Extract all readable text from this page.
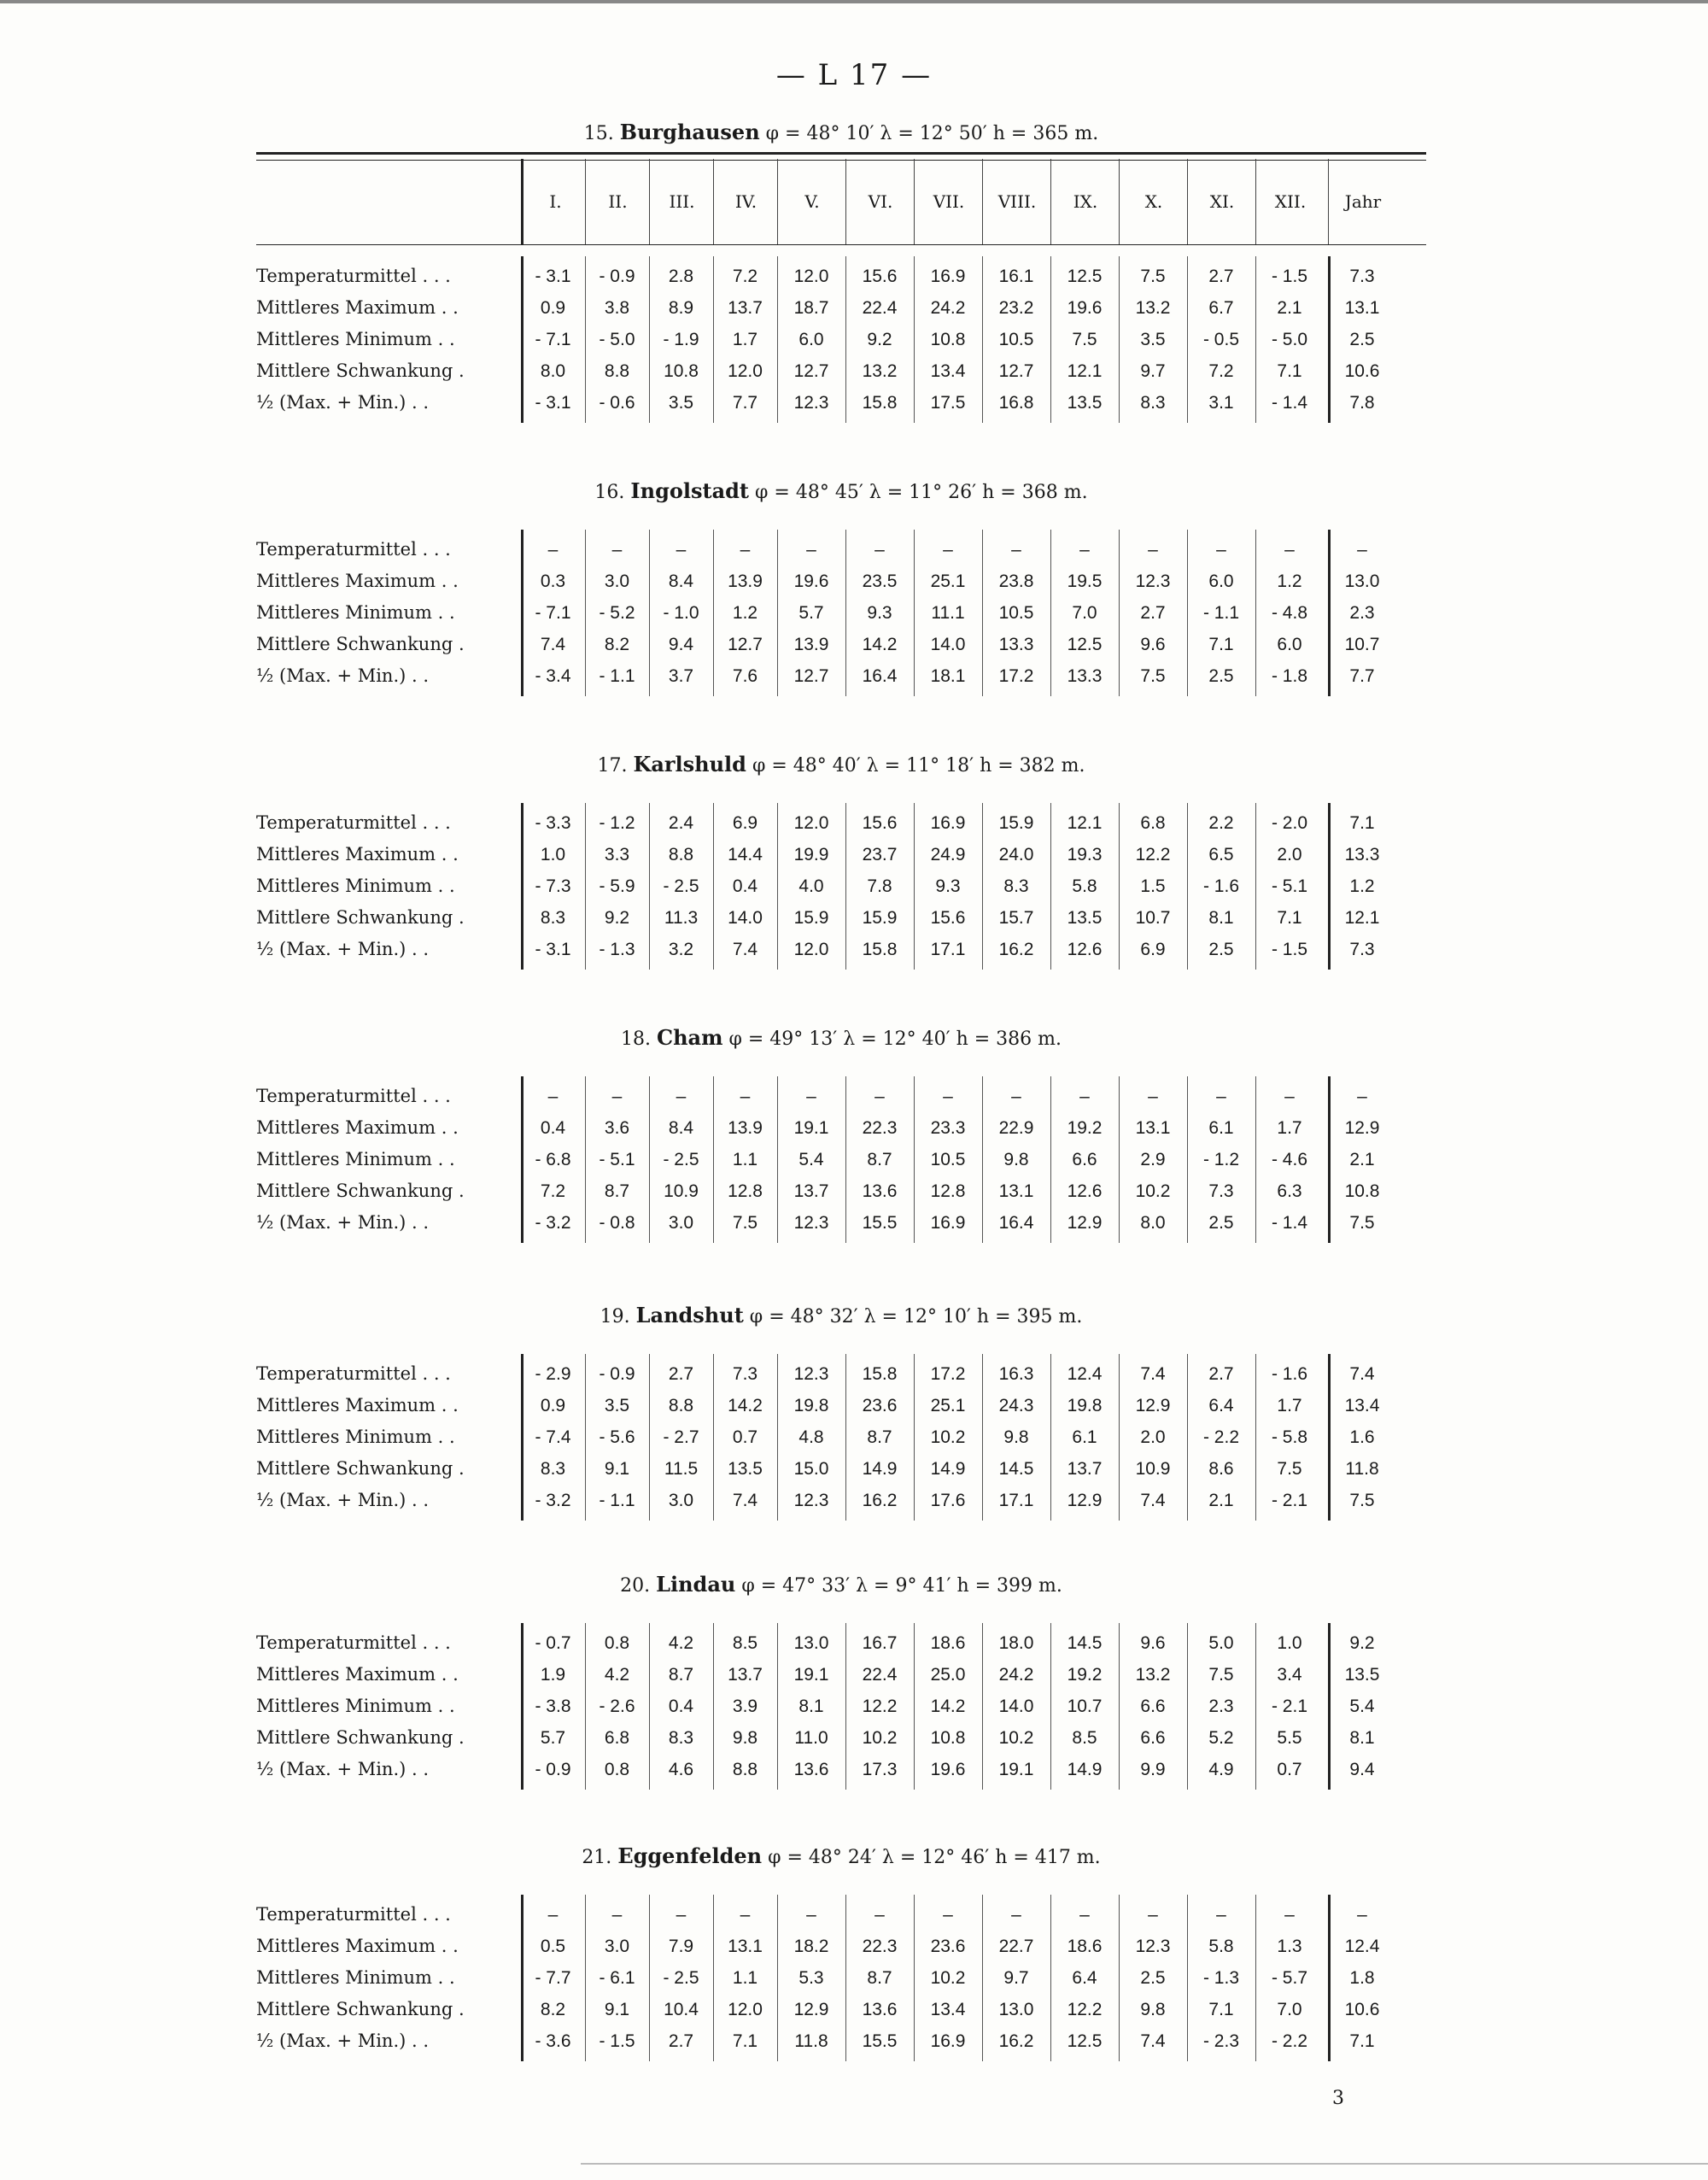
— L 17 —
15. Burghausen φ = 48° 10′ λ = 12° 50′ h = 365 m.
I.	II.	III.	IV.	V.	VI.	VII.	VIII.	IX.	X.	XI.	XII.	Jahr
Temperaturmittel . . .	- 3.1	- 0.9	2.8	7.2	12.0	15.6	16.9	16.1	12.5	7.5	2.7	- 1.5	7.3
Mittleres Maximum . .	0.9	3.8	8.9	13.7	18.7	22.4	24.2	23.2	19.6	13.2	6.7	2.1	13.1
Mittleres Minimum . .	- 7.1	- 5.0	- 1.9	1.7	6.0	9.2	10.8	10.5	7.5	3.5	- 0.5	- 5.0	2.5
Mittlere Schwankung .	8.0	8.8	10.8	12.0	12.7	13.2	13.4	12.7	12.1	9.7	7.2	7.1	10.6
½ (Max. + Min.) . .	- 3.1	- 0.6	3.5	7.7	12.3	15.8	17.5	16.8	13.5	8.3	3.1	- 1.4	7.8
16. Ingolstadt φ = 48° 45′ λ = 11° 26′ h = 368 m.
Temperaturmittel . . .	–	–	–	–	–	–	–	–	–	–	–	–	–
Mittleres Maximum . .	0.3	3.0	8.4	13.9	19.6	23.5	25.1	23.8	19.5	12.3	6.0	1.2	13.0
Mittleres Minimum . .	- 7.1	- 5.2	- 1.0	1.2	5.7	9.3	11.1	10.5	7.0	2.7	- 1.1	- 4.8	2.3
Mittlere Schwankung .	7.4	8.2	9.4	12.7	13.9	14.2	14.0	13.3	12.5	9.6	7.1	6.0	10.7
½ (Max. + Min.) . .	- 3.4	- 1.1	3.7	7.6	12.7	16.4	18.1	17.2	13.3	7.5	2.5	- 1.8	7.7
17. Karlshuld φ = 48° 40′ λ = 11° 18′ h = 382 m.
Temperaturmittel . . .	- 3.3	- 1.2	2.4	6.9	12.0	15.6	16.9	15.9	12.1	6.8	2.2	- 2.0	7.1
Mittleres Maximum . .	1.0	3.3	8.8	14.4	19.9	23.7	24.9	24.0	19.3	12.2	6.5	2.0	13.3
Mittleres Minimum . .	- 7.3	- 5.9	- 2.5	0.4	4.0	7.8	9.3	8.3	5.8	1.5	- 1.6	- 5.1	1.2
Mittlere Schwankung .	8.3	9.2	11.3	14.0	15.9	15.9	15.6	15.7	13.5	10.7	8.1	7.1	12.1
½ (Max. + Min.) . .	- 3.1	- 1.3	3.2	7.4	12.0	15.8	17.1	16.2	12.6	6.9	2.5	- 1.5	7.3
18. Cham φ = 49° 13′ λ = 12° 40′ h = 386 m.
Temperaturmittel . . .	–	–	–	–	–	–	–	–	–	–	–	–	–
Mittleres Maximum . .	0.4	3.6	8.4	13.9	19.1	22.3	23.3	22.9	19.2	13.1	6.1	1.7	12.9
Mittleres Minimum . .	- 6.8	- 5.1	- 2.5	1.1	5.4	8.7	10.5	9.8	6.6	2.9	- 1.2	- 4.6	2.1
Mittlere Schwankung .	7.2	8.7	10.9	12.8	13.7	13.6	12.8	13.1	12.6	10.2	7.3	6.3	10.8
½ (Max. + Min.) . .	- 3.2	- 0.8	3.0	7.5	12.3	15.5	16.9	16.4	12.9	8.0	2.5	- 1.4	7.5
19. Landshut φ = 48° 32′ λ = 12° 10′ h = 395 m.
Temperaturmittel . . .	- 2.9	- 0.9	2.7	7.3	12.3	15.8	17.2	16.3	12.4	7.4	2.7	- 1.6	7.4
Mittleres Maximum . .	0.9	3.5	8.8	14.2	19.8	23.6	25.1	24.3	19.8	12.9	6.4	1.7	13.4
Mittleres Minimum . .	- 7.4	- 5.6	- 2.7	0.7	4.8	8.7	10.2	9.8	6.1	2.0	- 2.2	- 5.8	1.6
Mittlere Schwankung .	8.3	9.1	11.5	13.5	15.0	14.9	14.9	14.5	13.7	10.9	8.6	7.5	11.8
½ (Max. + Min.) . .	- 3.2	- 1.1	3.0	7.4	12.3	16.2	17.6	17.1	12.9	7.4	2.1	- 2.1	7.5
20. Lindau φ = 47° 33′ λ = 9° 41′ h = 399 m.
Temperaturmittel . . .	- 0.7	0.8	4.2	8.5	13.0	16.7	18.6	18.0	14.5	9.6	5.0	1.0	9.2
Mittleres Maximum . .	1.9	4.2	8.7	13.7	19.1	22.4	25.0	24.2	19.2	13.2	7.5	3.4	13.5
Mittleres Minimum . .	- 3.8	- 2.6	0.4	3.9	8.1	12.2	14.2	14.0	10.7	6.6	2.3	- 2.1	5.4
Mittlere Schwankung .	5.7	6.8	8.3	9.8	11.0	10.2	10.8	10.2	8.5	6.6	5.2	5.5	8.1
½ (Max. + Min.) . .	- 0.9	0.8	4.6	8.8	13.6	17.3	19.6	19.1	14.9	9.9	4.9	0.7	9.4
21. Eggenfelden φ = 48° 24′ λ = 12° 46′ h = 417 m.
Temperaturmittel . . .	–	–	–	–	–	–	–	–	–	–	–	–	–
Mittleres Maximum . .	0.5	3.0	7.9	13.1	18.2	22.3	23.6	22.7	18.6	12.3	5.8	1.3	12.4
Mittleres Minimum . .	- 7.7	- 6.1	- 2.5	1.1	5.3	8.7	10.2	9.7	6.4	2.5	- 1.3	- 5.7	1.8
Mittlere Schwankung .	8.2	9.1	10.4	12.0	12.9	13.6	13.4	13.0	12.2	9.8	7.1	7.0	10.6
½ (Max. + Min.) . .	- 3.6	- 1.5	2.7	7.1	11.8	15.5	16.9	16.2	12.5	7.4	- 2.3	- 2.2	7.1
3
